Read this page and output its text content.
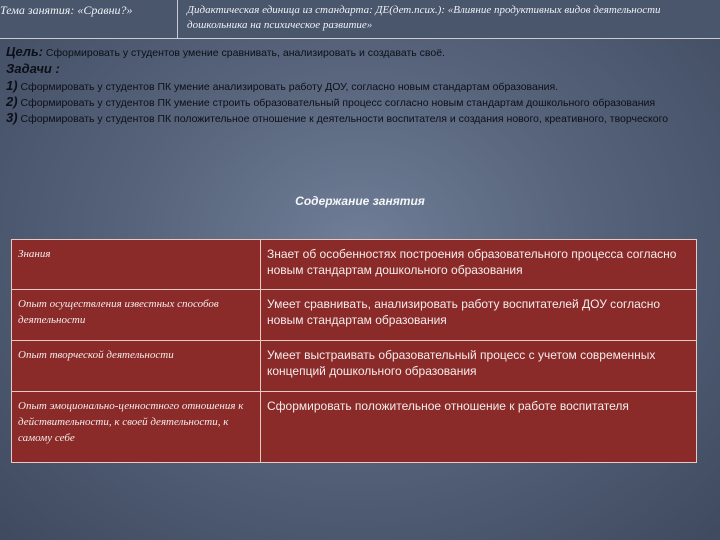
Тема занятия: «Сравни?»	Дидактическая единица из стандарта: ДЕ(дет.псих.): «Влияние продуктивных видов деятельности дошкольника на психическое развитие»

Цель: Сформировать у студентов умение сравнивать, анализировать и создавать своё.

Задачи :

1) Сформировать у студентов ПК умение анализировать работу ДОУ, согласно новым стандартам образования.

2) Сформировать у студентов ПК умение строить образовательный процесс согласно новым стандартам дошкольного образования

3) Сформировать у студентов ПК положительное отношение к деятельности воспитателя и создания нового, креативного, творческого

Содержание занятия
Знания	Знает об особенностях построения образовательного процесса согласно новым стандартам дошкольного образования
Опыт осуществления известных способов деятельности	Умеет сравнивать, анализировать работу воспитателей ДОУ согласно новым стандартам образования
Опыт творческой деятельности	Умеет выстраивать образовательный процесс с учетом современных концепций дошкольного образования
Опыт эмоционально-ценностного отношения к действительности, к своей деятельности, к самому себе	Сформировать положительное отношение к работе воспитателя
